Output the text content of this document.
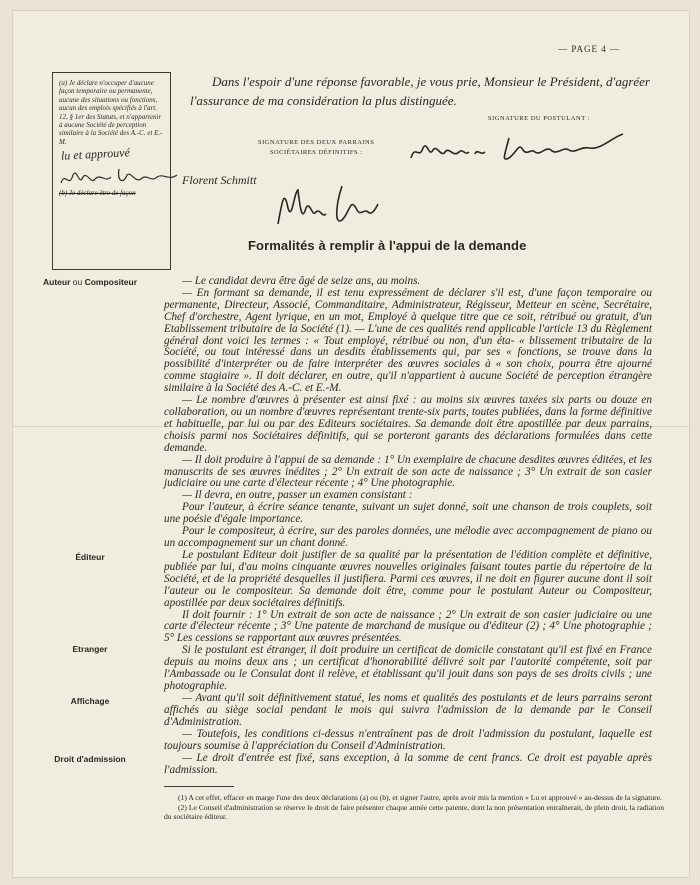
— PAGE 4 —
(a) Je déclare n'occuper d'aucune façon temporaire ou permanente, aucune des situations ou fonctions, aucun des emplois spécifiés à l'art. 12, § 1er des Statuts, et n'appartenir à aucune Société de perception similaire à la Société des A.-C. et E.-M.
lu et approuvé
(b) Je déclare être de façon
Dans l'espoir d'une réponse favorable, je vous prie, Monsieur le Président, d'agréer l'assurance de ma considération la plus distinguée.
SIGNATURE DU POSTULANT :
SIGNATURE DES DEUX PARRAINS
SOCIÉTAIRES DÉFINITIFS :
Florent Schmitt
Formalités à remplir à l'appui de la demande
Auteur ou Compositeur
Éditeur
Etranger
Affichage
Droit d'admission

— Le candidat devra être âgé de seize ans, au moins.

— En formant sa demande, il est tenu expressément de déclarer s'il est, d'une façon temporaire ou permanente, Directeur, Associé, Commanditaire, Administrateur, Régisseur, Metteur en scène, Secrétaire, Chef d'orchestre, Agent lyrique, en un mot, Employé à quelque titre que ce soit, rétribué ou gratuit, d'un Etablissement tributaire de la Société (1). — L'une de ces qualités rend applicable l'article 13 du Règlement général dont voici les termes : « Tout employé, rétribué ou non, d'un éta- « blissement tributaire de la Société, ou tout intéressé dans un desdits établissements qui, par ses « fonctions, se trouve dans la possibilité d'interpréter ou de faire interpréter des œuvres sociales à « son choix, pourra être ajourné comme stagiaire ». Il doit déclarer, en outre, qu'il n'appartient à aucune Société de perception étrangère similaire à la Société des A.-C. et E.-M.

— Le nombre d'œuvres à présenter est ainsi fixé : au moins six œuvres taxées six parts ou douze en collaboration, ou un nombre d'œuvres représentant trente-six parts, toutes publiées, dans la forme définitive et habituelle, par lui ou par des Editeurs sociétaires. Sa demande doit être apostillée par deux parrains, choisis parmi nos Sociétaires définitifs, qui se porteront garants des déclarations formulées dans cette demande.

— Il doit produire à l'appui de sa demande : 1° Un exemplaire de chacune desdites œuvres éditées, et les manuscrits de ses œuvres inédites ; 2° Un extrait de son acte de naissance ; 3° Un extrait de son casier judiciaire ou une carte d'électeur récente ; 4° Une photographie.

— Il devra, en outre, passer un examen consistant :

Pour l'auteur, à écrire séance tenante, suivant un sujet donné, soit une chanson de trois couplets, soit une poésie d'égale importance.

Pour le compositeur, à écrire, sur des paroles données, une mélodie avec accompagnement de piano ou un accompagnement sur un chant donné.

Le postulant Editeur doit justifier de sa qualité par la présentation de l'édition complète et définitive, publiée par lui, d'au moins cinquante œuvres nouvelles originales faisant toutes partie du répertoire de la Société, et de la propriété desquelles il justifiera. Parmi ces œuvres, il ne doit en figurer aucune dont il soit l'auteur ou le compositeur. Sa demande doit être, comme pour le postulant Auteur ou Compositeur, apostillée par deux sociétaires définitifs.

Il doit fournir : 1° Un extrait de son acte de naissance ; 2° Un extrait de son casier judiciaire ou une carte d'électeur récente ; 3° Une patente de marchand de musique ou d'éditeur (2) ; 4° Une photographie ; 5° Les cessions se rapportant aux œuvres présentées.

Si le postulant est étranger, il doit produire un certificat de domicile constatant qu'il est fixé en France depuis au moins deux ans ; un certificat d'honorabilité délivré soit par l'autorité compétente, soit par l'Ambassade ou le Consulat dont il relève, et établissant qu'il jouit dans son pays de ses droits civils ; une photographie.

— Avant qu'il soit définitivement statué, les noms et qualités des postulants et de leurs parrains seront affichés au siège social pendant le mois qui suivra l'admission de la demande par le Conseil d'Administration.

— Toutefois, les conditions ci-dessus n'entraînent pas de droit l'admission du postulant, laquelle est toujours soumise à l'appréciation du Conseil d'Administration.

— Le droit d'entrée est fixé, sans exception, à la somme de cent francs. Ce droit est payable après l'admission.

(1) A cet effet, effacer en marge l'une des deux déclarations (a) ou (b), et signer l'autre, après avoir mis la mention « Lu et approuvé » au-dessus de la signature.

(2) Le Conseil d'administration se réserve le droit de faire présenter chaque année cette patente, dont la non présentation entraînerait, de plein droit, la radiation du sociétaire éditeur.
